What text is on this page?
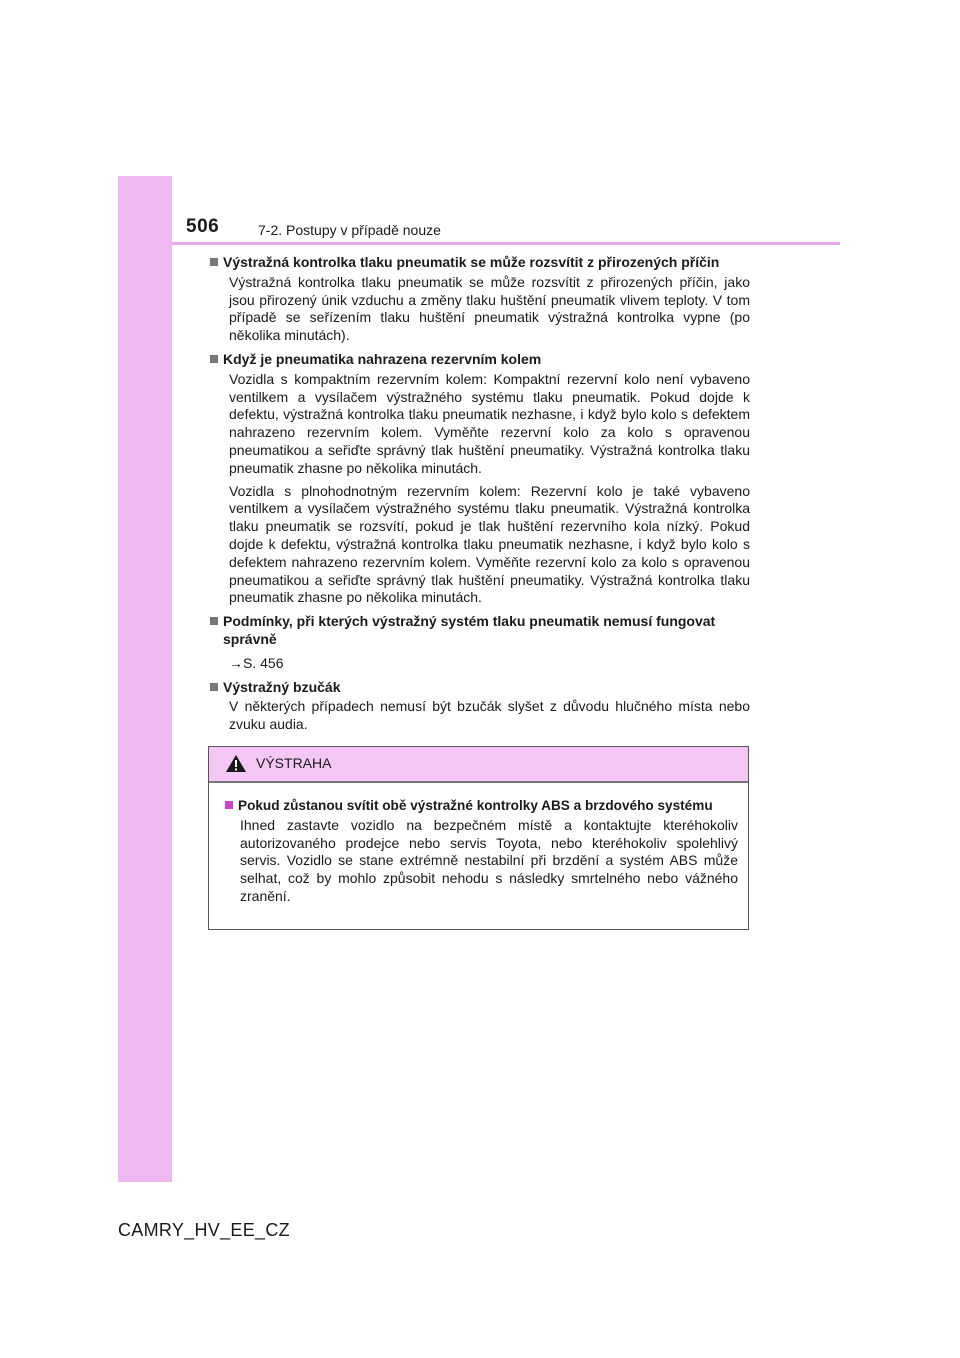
506	7-2. Postupy v případě nouze
Výstražná kontrolka tlaku pneumatik se může rozsvítit z přirozených příčin

Výstražná kontrolka tlaku pneumatik se může rozsvítit z přirozených příčin, jako jsou přirozený únik vzduchu a změny tlaku huštění pneumatik vlivem teploty. V tom případě se seřízením tlaku huštění pneumatik výstražná kontrolka vypne (po několika minutách).

Když je pneumatika nahrazena rezervním kolem

Vozidla s kompaktním rezervním kolem: Kompaktní rezervní kolo není vybaveno ventilkem a vysílačem výstražného systému tlaku pneumatik. Pokud dojde k defektu, výstražná kontrolka tlaku pneumatik nezhasne, i když bylo kolo s defektem nahrazeno rezervním kolem. Vyměňte rezervní kolo za kolo s opravenou pneumatikou a seřiďte správný tlak huštění pneumatiky. Výstražná kontrolka tlaku pneumatik zhasne po několika minutách.

Vozidla s plnohodnotným rezervním kolem: Rezervní kolo je také vybaveno ventilkem a vysílačem výstražného systému tlaku pneumatik. Výstražná kontrolka tlaku pneumatik se rozsvítí, pokud je tlak huštění rezervního kola nízký. Pokud dojde k defektu, výstražná kontrolka tlaku pneumatik nezhasne, i když bylo kolo s defektem nahrazeno rezervním kolem. Vyměňte rezervní kolo za kolo s opravenou pneumatikou a seřiďte správný tlak huštění pneumatiky. Výstražná kontrolka tlaku pneumatik zhasne po několika minutách.

Podmínky, při kterých výstražný systém tlaku pneumatik nemusí fungovat správně
→S. 456
Výstražný bzučák

V některých případech nemusí být bzučák slyšet z důvodu hlučného místa nebo zvuku audia.

VÝSTRAHA
Pokud zůstanou svítit obě výstražné kontrolky ABS a brzdového systému

Ihned zastavte vozidlo na bezpečném místě a kontaktujte kteréhokoliv autorizovaného prodejce nebo servis Toyota, nebo kteréhokoliv spolehlivý servis. Vozidlo se stane extrémně nestabilní při brzdění a systém ABS může selhat, což by mohlo způsobit nehodu s následky smrtelného nebo vážného zranění.

CAMRY_HV_EE_CZ
